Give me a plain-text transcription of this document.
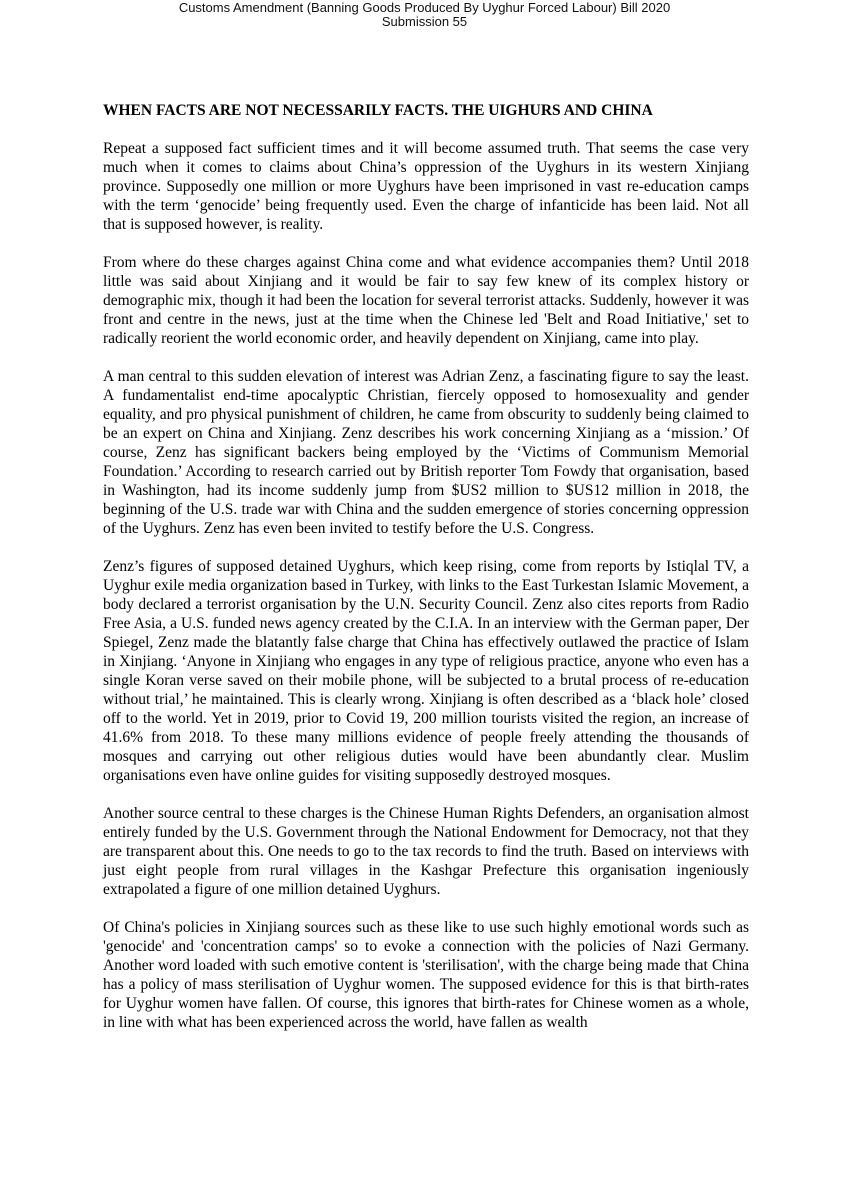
Customs Amendment (Banning Goods Produced By Uyghur Forced Labour) Bill 2020
Submission 55
WHEN FACTS ARE NOT NECESSARILY FACTS. THE UIGHURS AND CHINA

Repeat a supposed fact sufficient times and it will become assumed truth. That seems the case very much when it comes to claims about China’s oppression of the Uyghurs in its western Xinjiang province. Supposedly one million or more Uyghurs have been imprisoned in vast re-education camps with the term ‘genocide’ being frequently used. Even the charge of infanticide has been laid. Not all that is supposed however, is reality.

From where do these charges against China come and what evidence accompanies them? Until 2018 little was said about Xinjiang and it would be fair to say few knew of its complex history or demographic mix, though it had been the location for several terrorist attacks. Suddenly, however it was front and centre in the news, just at the time when the Chinese led 'Belt and Road Initiative,' set to radically reorient the world economic order, and heavily dependent on Xinjiang, came into play.

A man central to this sudden elevation of interest was Adrian Zenz, a fascinating figure to say the least. A fundamentalist end-time apocalyptic Christian, fiercely opposed to homosexuality and gender equality, and pro physical punishment of children, he came from obscurity to suddenly being claimed to be an expert on China and Xinjiang. Zenz describes his work concerning Xinjiang as a ‘mission.’ Of course, Zenz has significant backers being employed by the ‘Victims of Communism Memorial Foundation.’ According to research carried out by British reporter Tom Fowdy that organisation, based in Washington, had its income suddenly jump from $US2 million to $US12 million in 2018, the beginning of the U.S. trade war with China and the sudden emergence of stories concerning oppression of the Uyghurs. Zenz has even been invited to testify before the U.S. Congress.

Zenz’s figures of supposed detained Uyghurs, which keep rising, come from reports by Istiqlal TV, a Uyghur exile media organization based in Turkey, with links to the East Turkestan Islamic Movement, a body declared a terrorist organisation by the U.N. Security Council. Zenz also cites reports from Radio Free Asia, a U.S. funded news agency created by the C.I.A. In an interview with the German paper, Der Spiegel, Zenz made the blatantly false charge that China has effectively outlawed the practice of Islam in Xinjiang. ‘Anyone in Xinjiang who engages in any type of religious practice, anyone who even has a single Koran verse saved on their mobile phone, will be subjected to a brutal process of re-education without trial,’ he maintained. This is clearly wrong. Xinjiang is often described as a ‘black hole’ closed off to the world. Yet in 2019, prior to Covid 19, 200 million tourists visited the region, an increase of 41.6% from 2018. To these many millions evidence of people freely attending the thousands of mosques and carrying out other religious duties would have been abundantly clear. Muslim organisations even have online guides for visiting supposedly destroyed mosques.

Another source central to these charges is the Chinese Human Rights Defenders, an organisation almost entirely funded by the U.S. Government through the National Endowment for Democracy, not that they are transparent about this. One needs to go to the tax records to find the truth. Based on interviews with just eight people from rural villages in the Kashgar Prefecture this organisation ingeniously extrapolated a figure of one million detained Uyghurs.

Of China's policies in Xinjiang sources such as these like to use such highly emotional words such as 'genocide' and 'concentration camps' so to evoke a connection with the policies of Nazi Germany. Another word loaded with such emotive content is 'sterilisation', with the charge being made that China has a policy of mass sterilisation of Uyghur women. The supposed evidence for this is that birth-rates for Uyghur women have fallen. Of course, this ignores that birth-rates for Chinese women as a whole, in line with what has been experienced across the world, have fallen as wealth
